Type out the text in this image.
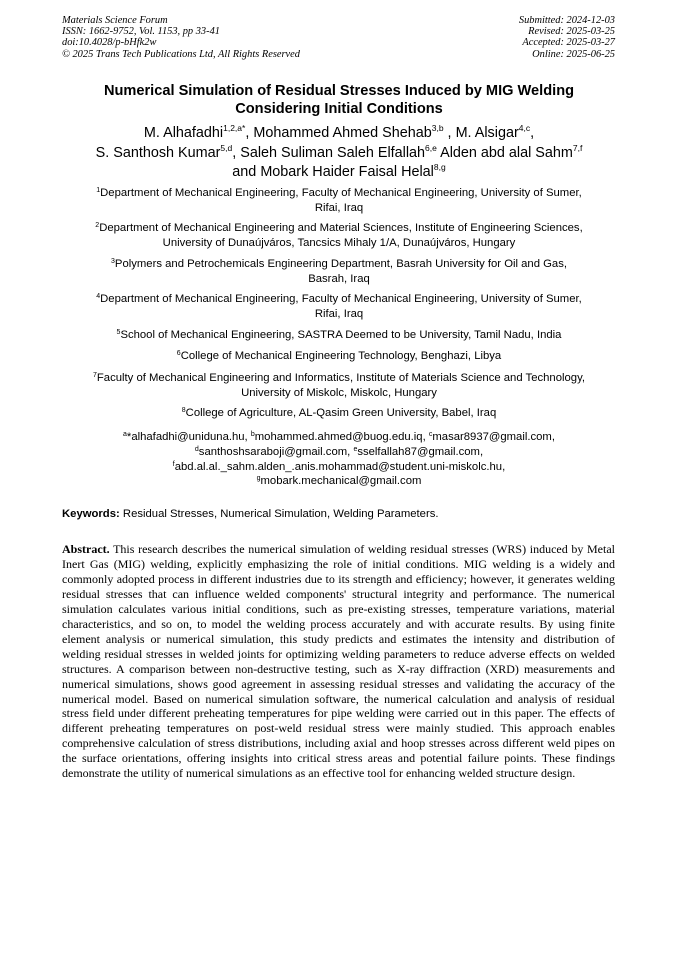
Materials Science Forum
ISSN: 1662-9752, Vol. 1153, pp 33-41
doi:10.4028/p-bHfk2w
© 2025 Trans Tech Publications Ltd, All Rights Reserved
Submitted: 2024-12-03
Revised: 2025-03-25
Accepted: 2025-03-27
Online: 2025-06-25
Numerical Simulation of Residual Stresses Induced by MIG Welding
Considering Initial Conditions
M. Alhafadhi$^{1,2,a*}$, Mohammed Ahmed Shehab$^{3,b}$ , M. Alsigar$^{4,c}$,
S. Santhosh Kumar$^{5,d}$, Saleh Suliman Saleh Elfallah$^{6,e}$ Alden abd alal Sahm$^{7,f}$
and Mobark Haider Faisal Helal$^{8,g}$
$^1$Department of Mechanical Engineering, Faculty of Mechanical Engineering, University of Sumer,
Rifai, Iraq
$^2$Department of Mechanical Engineering and Material Sciences, Institute of Engineering Sciences,
University of Dunaújváros, Tancsics Mihaly 1/A, Dunaújváros, Hungary
$^3$Polymers and Petrochemicals Engineering Department, Basrah University for Oil and Gas,
Basrah, Iraq
$^4$Department of Mechanical Engineering, Faculty of Mechanical Engineering, University of Sumer,
Rifai, Iraq
$^5$School of Mechanical Engineering, SASTRA Deemed to be University, Tamil Nadu, India
$^6$College of Mechanical Engineering Technology, Benghazi, Libya
$^7$Faculty of Mechanical Engineering and Informatics, Institute of Materials Science and Technology,
University of Miskolc, Miskolc, Hungary
$^8$College of Agriculture, AL-Qasim Green University, Babel, Iraq
$^a$*alhafadhi@uniduna.hu, $^b$mohammed.ahmed@buog.edu.iq, $^c$masar8937@gmail.com,
$^d$santhoshsaraboji@gmail.com, $^e$sselfallah87@gmail.com,
$^f$abd.al.al._sahm.alden_.anis.mohammad@student.uni-miskolc.hu,
$^g$mobark.mechanical@gmail.com
Keywords: Residual Stresses, Numerical Simulation, Welding Parameters.
Abstract. This research describes the numerical simulation of welding residual stresses (WRS) induced by Metal Inert Gas (MIG) welding, explicitly emphasizing the role of initial conditions. MIG welding is a widely and commonly adopted process in different industries due to its strength and efficiency; however, it generates welding residual stresses that can influence welded components' structural integrity and performance. The numerical simulation calculates various initial conditions, such as pre-existing stresses, temperature variations, material characteristics, and so on, to model the welding process accurately and with accurate results. By using finite element analysis or numerical simulation, this study predicts and estimates the intensity and distribution of welding residual stresses in welded joints for optimizing welding parameters to reduce adverse effects on welded structures. A comparison between non-destructive testing, such as X-ray diffraction (XRD) measurements and numerical simulations, shows good agreement in assessing residual stresses and validating the accuracy of the numerical model. Based on numerical simulation software, the numerical calculation and analysis of residual stress field under different preheating temperatures for pipe welding were carried out in this paper. The effects of different preheating temperatures on post-weld residual stress were mainly studied. This approach enables comprehensive calculation of stress distributions, including axial and hoop stresses across different weld pipes on the surface orientations, offering insights into critical stress areas and potential failure points. These findings demonstrate the utility of numerical simulations as an effective tool for enhancing welded structure design.
